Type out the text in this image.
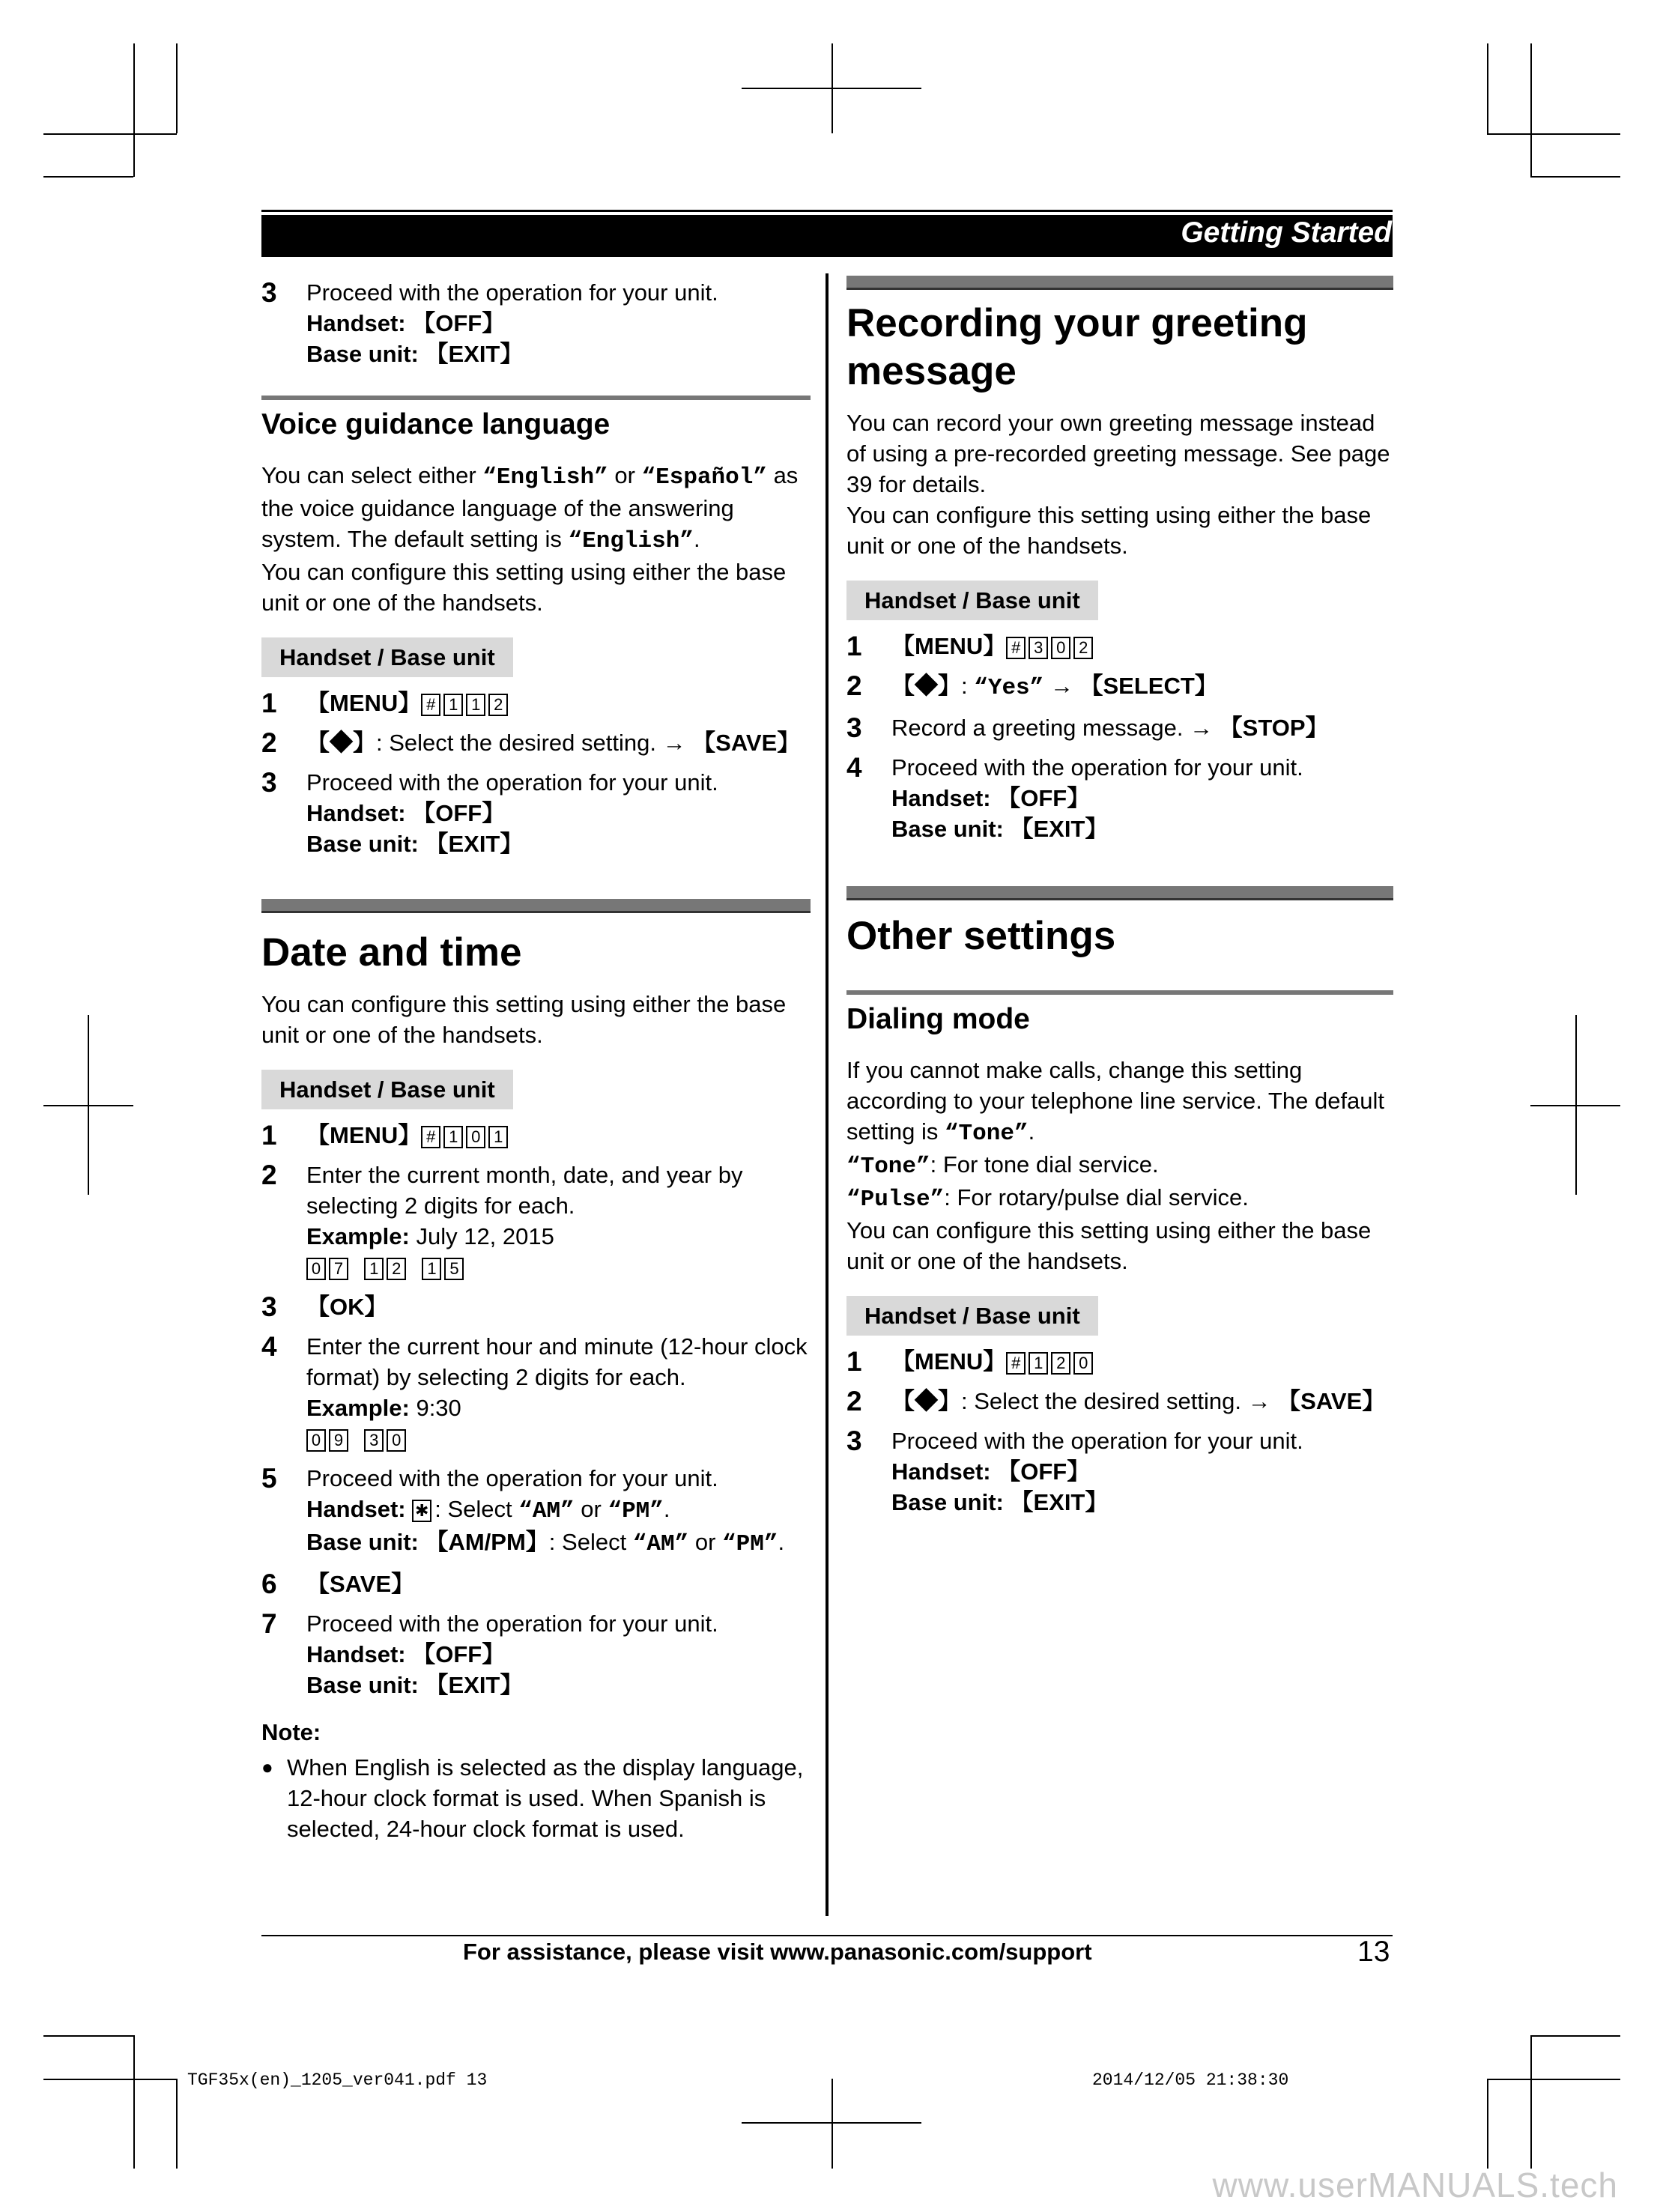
Getting Started
3 Proceed with the operation for your unit.
Handset: 【OFF】
Base unit: 【EXIT】
Voice guidance language
You can select either “English” or “Español” as the voice guidance language of the answering system. The default setting is “English”.
You can configure this setting using either the base unit or one of the handsets.
Handset / Base unit
1 【MENU】 # 1 1 2
2 【◆】: Select the desired setting. → 【SAVE】
3 Proceed with the operation for your unit.
Handset: 【OFF】
Base unit: 【EXIT】
Date and time
You can configure this setting using either the base unit or one of the handsets.
Handset / Base unit
1 【MENU】 # 1 0 1
2 Enter the current month, date, and year by selecting 2 digits for each.
Example: July 12, 2015
0 7 1 2 1 5
3 【OK】
4 Enter the current hour and minute (12-hour clock format) by selecting 2 digits for each.
Example: 9:30
0 9 3 0
5 Proceed with the operation for your unit.
Handset: ✱ : Select “AM” or “PM”.
Base unit: 【AM/PM】: Select “AM” or “PM”.
6 【SAVE】
7 Proceed with the operation for your unit.
Handset: 【OFF】
Base unit: 【EXIT】
Note:
● When English is selected as the display language, 12-hour clock format is used. When Spanish is selected, 24-hour clock format is used.
Recording your greeting message
You can record your own greeting message instead of using a pre-recorded greeting message. See page 39 for details.
You can configure this setting using either the base unit or one of the handsets.
Handset / Base unit
1 【MENU】 # 3 0 2
2 【◆】: “Yes” → 【SELECT】
3 Record a greeting message. → 【STOP】
4 Proceed with the operation for your unit.
Handset: 【OFF】
Base unit: 【EXIT】
Other settings
Dialing mode
If you cannot make calls, change this setting according to your telephone line service. The default setting is “Tone”.
“Tone”: For tone dial service.
“Pulse”: For rotary/pulse dial service.
You can configure this setting using either the base unit or one of the handsets.
Handset / Base unit
1 【MENU】 # 1 2 0
2 【◆】: Select the desired setting. → 【SAVE】
3 Proceed with the operation for your unit.
Handset: 【OFF】
Base unit: 【EXIT】
For assistance, please visit www.panasonic.com/support	13
TGF35x(en)_1205_ver041.pdf 13	2014/12/05 21:38:30
www.userMANUALS.tech
